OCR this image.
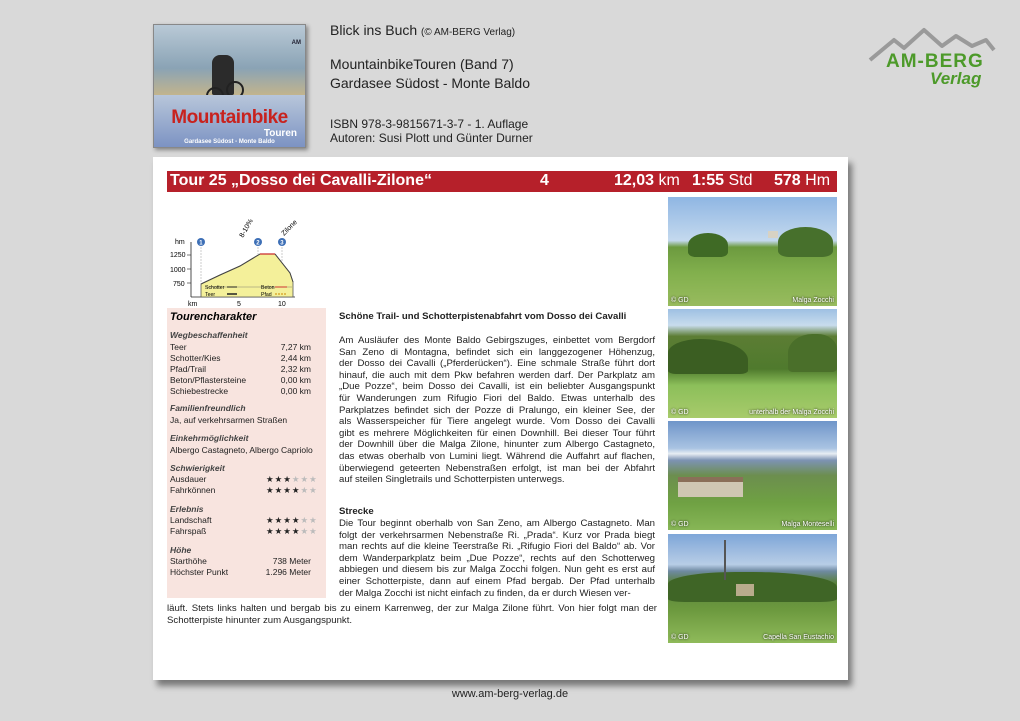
AM
Mountainbike
Touren
Gardasee Südost - Monte Baldo
Blick ins Buch (© AM-BERG Verlag)
MountainbikeTouren (Band 7)
Gardasee Südost - Monte Baldo
ISBN 978-3-9815671-3-7 - 1. Auflage
Autoren: Susi Plott und Günter Durner
AM-BERG
Verlag
Tour 25 „Dosso dei Cavalli-Zilone“	4	12,03 km 1:55 Std 578 Hm
hm
1250
1000
750
1	2	3
8-10%	Zilone
Schotter	Beton
Teer	Pfad
km	5	10
Tourencharakter
Wegbeschaffenheit
Teer	7,27 km
Schotter/Kies	2,44 km
Pfad/Trail	2,32 km
Beton/Pflastersteine	0,00 km
Schiebestrecke	0,00 km
Familienfreundlich
Ja, auf verkehrsarmen Straßen
Einkehrmöglichkeit
Albergo Castagneto, Albergo Capriolo
Schwierigkeit
Ausdauer	★★★★★★
Fahrkönnen	★★★★★★
Erlebnis
Landschaft	★★★★★★
Fahrspaß	★★★★★★
Höhe
Starthöhe	738 Meter
Höchster Punkt	1.296 Meter
Schöne Trail- und Schotterpistenabfahrt vom Dosso dei Cavalli
Am Ausläufer des Monte Baldo Gebirgszuges, einbettet vom Bergdorf
San Zeno di Montagna, befindet sich ein langgezogener Höhenzug,
der Dosso dei Cavalli („Pferderücken“). Eine schmale Straße führt dort
hinauf, die auch mit dem Pkw befahren werden darf. Der Parkplatz am
„Due Pozze“, beim Dosso dei Cavalli, ist ein beliebter Ausgangspunkt
für Wanderungen zum Rifugio Fiori del Baldo. Etwas unterhalb des
Parkplatzes befindet sich der Pozze di Pralungo, ein kleiner See, der
als Wasserspeicher für Tiere angelegt wurde. Vom Dosso dei Cavalli
gibt es mehrere Möglichkeiten für einen Downhill. Bei dieser Tour führt
der Downhill über die Malga Zilone, hinunter zum Albergo Castagneto,
das etwas oberhalb von Lumini liegt. Während die Auffahrt auf flachen,
überwiegend geteerten Nebenstraßen erfolgt, ist man bei der Abfahrt
auf steilen Singletrails und Schotterpisten unterwegs.
Strecke
Die Tour beginnt oberhalb von San Zeno, am Albergo Castagneto. Man
folgt der verkehrsarmen Nebenstraße Ri. „Prada“. Kurz vor Prada biegt
man rechts auf die kleine Teerstraße Ri. „Rifugio Fiori del Baldo“ ab. Vor
dem Wanderparkplatz beim „Due Pozze“, rechts auf den Schotterweg
abbiegen und diesem bis zur Malga Zocchi folgen. Nun geht es erst auf
einer Schotterpiste, dann auf einem Pfad bergab. Der Pfad unterhalb
der Malga Zocchi ist nicht einfach zu finden, da er durch Wiesen ver-
läuft. Stets links halten und bergab bis zu einem Karrenweg, der zur Malga Zilone führt. Von hier folgt man der
Schotterpiste hinunter zum Ausgangspunkt.
© GD	Malga Zocchi
© GD	unterhalb der Malga Zocchi
© GD	Malga Monteselli
© GD	Capella San Eustachio
www.am-berg-verlag.de
